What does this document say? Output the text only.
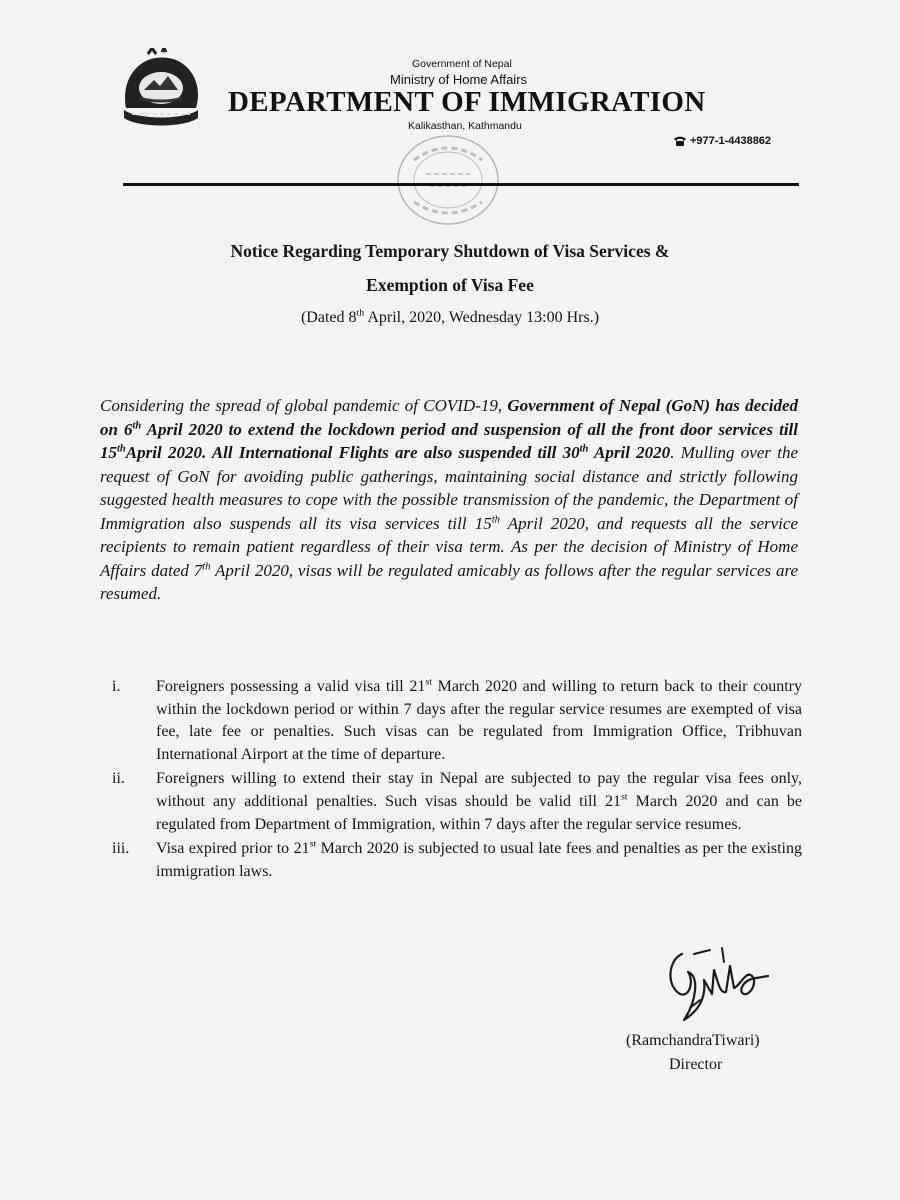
Government of Nepal
Ministry of Home Affairs
DEPARTMENT OF IMMIGRATION
Kalikasthan, Kathmandu
+977-1-4438862
Notice Regarding Temporary Shutdown of Visa Services &
Exemption of Visa Fee
(Dated 8th April, 2020, Wednesday 13:00 Hrs.)
Considering the spread of global pandemic of COVID-19, Government of Nepal (GoN) has decided on 6th April 2020 to extend the lockdown period and suspension of all the front door services till 15thApril 2020. All International Flights are also suspended till 30th April 2020. Mulling over the request of GoN for avoiding public gatherings, maintaining social distance and strictly following suggested health measures to cope with the possible transmission of the pandemic, the Department of Immigration also suspends all its visa services till 15th April 2020, and requests all the service recipients to remain patient regardless of their visa term. As per the decision of Ministry of Home Affairs dated 7th April 2020, visas will be regulated amicably as follows after the regular services are resumed.
i.	Foreigners possessing a valid visa till 21st March 2020 and willing to return back to their country within the lockdown period or within 7 days after the regular service resumes are exempted of visa fee, late fee or penalties. Such visas can be regulated from Immigration Office, Tribhuvan International Airport at the time of departure.
ii.	Foreigners willing to extend their stay in Nepal are subjected to pay the regular visa fees only, without any additional penalties. Such visas should be valid till 21st March 2020 and can be regulated from Department of Immigration, within 7 days after the regular service resumes.
iii.	Visa expired prior to 21st March 2020 is subjected to usual late fees and penalties as per the existing immigration laws.
(RamchandraTiwari)
Director
